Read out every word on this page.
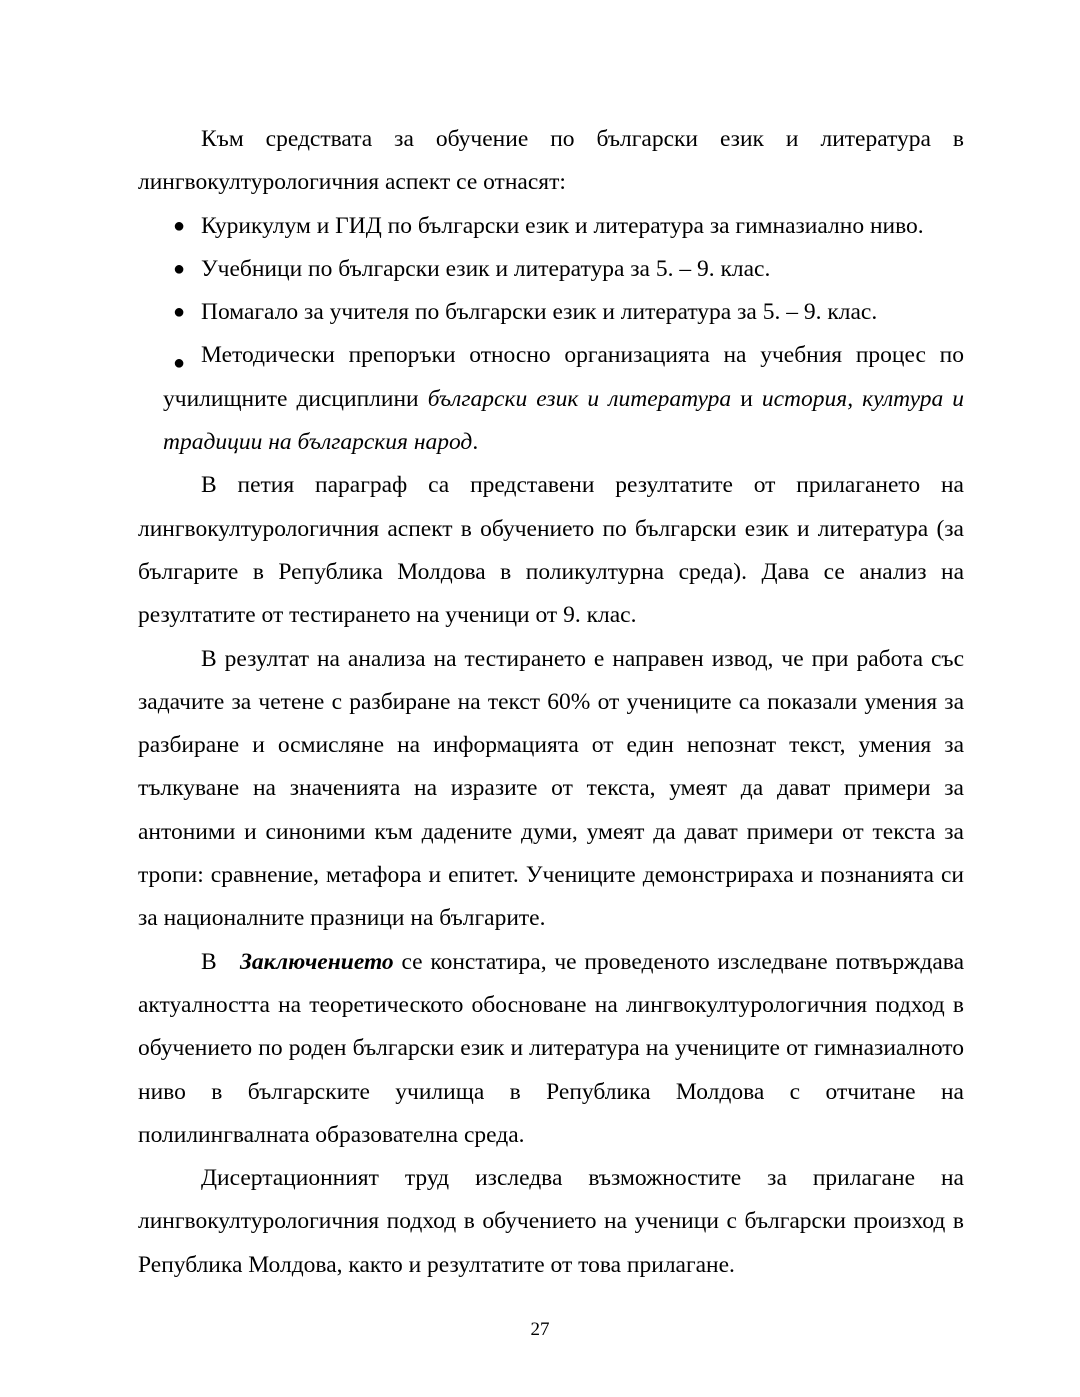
Към средствата за обучение по български език и литература в лингвокултурологичния аспект се отнасят:

● Курикулум и ГИД по български език и литература за гимназиално ниво.
● Учебници по български език и литература за 5. – 9. клас.
● Помагало за учителя по български език и литература за 5. – 9. клас.
● Методически препоръки относно организацията на учебния процес по училищните дисциплини български език и литература и история, култура и традиции на българския народ.

В петия параграф са представени резултатите от прилагането на лингвокултурологичния аспект в обучението по български език и литература (за българите в Република Молдова в поликултурна среда). Дава се анализ на резултатите от тестирането на ученици от 9. клас.

В резултат на анализа на тестирането е направен извод, че при работа със задачите за четене с разбиране на текст 60% от учениците са показали умения за разбиране и осмисляне на информацията от един непознат текст, умения за тълкуване на значенията на изразите от текста, умеят да дават примери за антоними и синоними към дадените думи, умеят да дават примери от текста за тропи: сравнение, метафора и епитет. Учениците демонстрираха и познанията си за националните празници на българите.

В Заключението се констатира, че проведеното изследване потвърждава актуалността на теоретическото обосноване на лингвокултурологичния подход в обучението по роден български език и литература на учениците от гимназиалното ниво в българските училища в Република Молдова с отчитане на полилингвалната образователна среда.

Дисертационният труд изследва възможностите за прилагане на лингвокултурологичния подход в обучението на ученици с български произход в Република Молдова, както и резултатите от това прилагане.

27
